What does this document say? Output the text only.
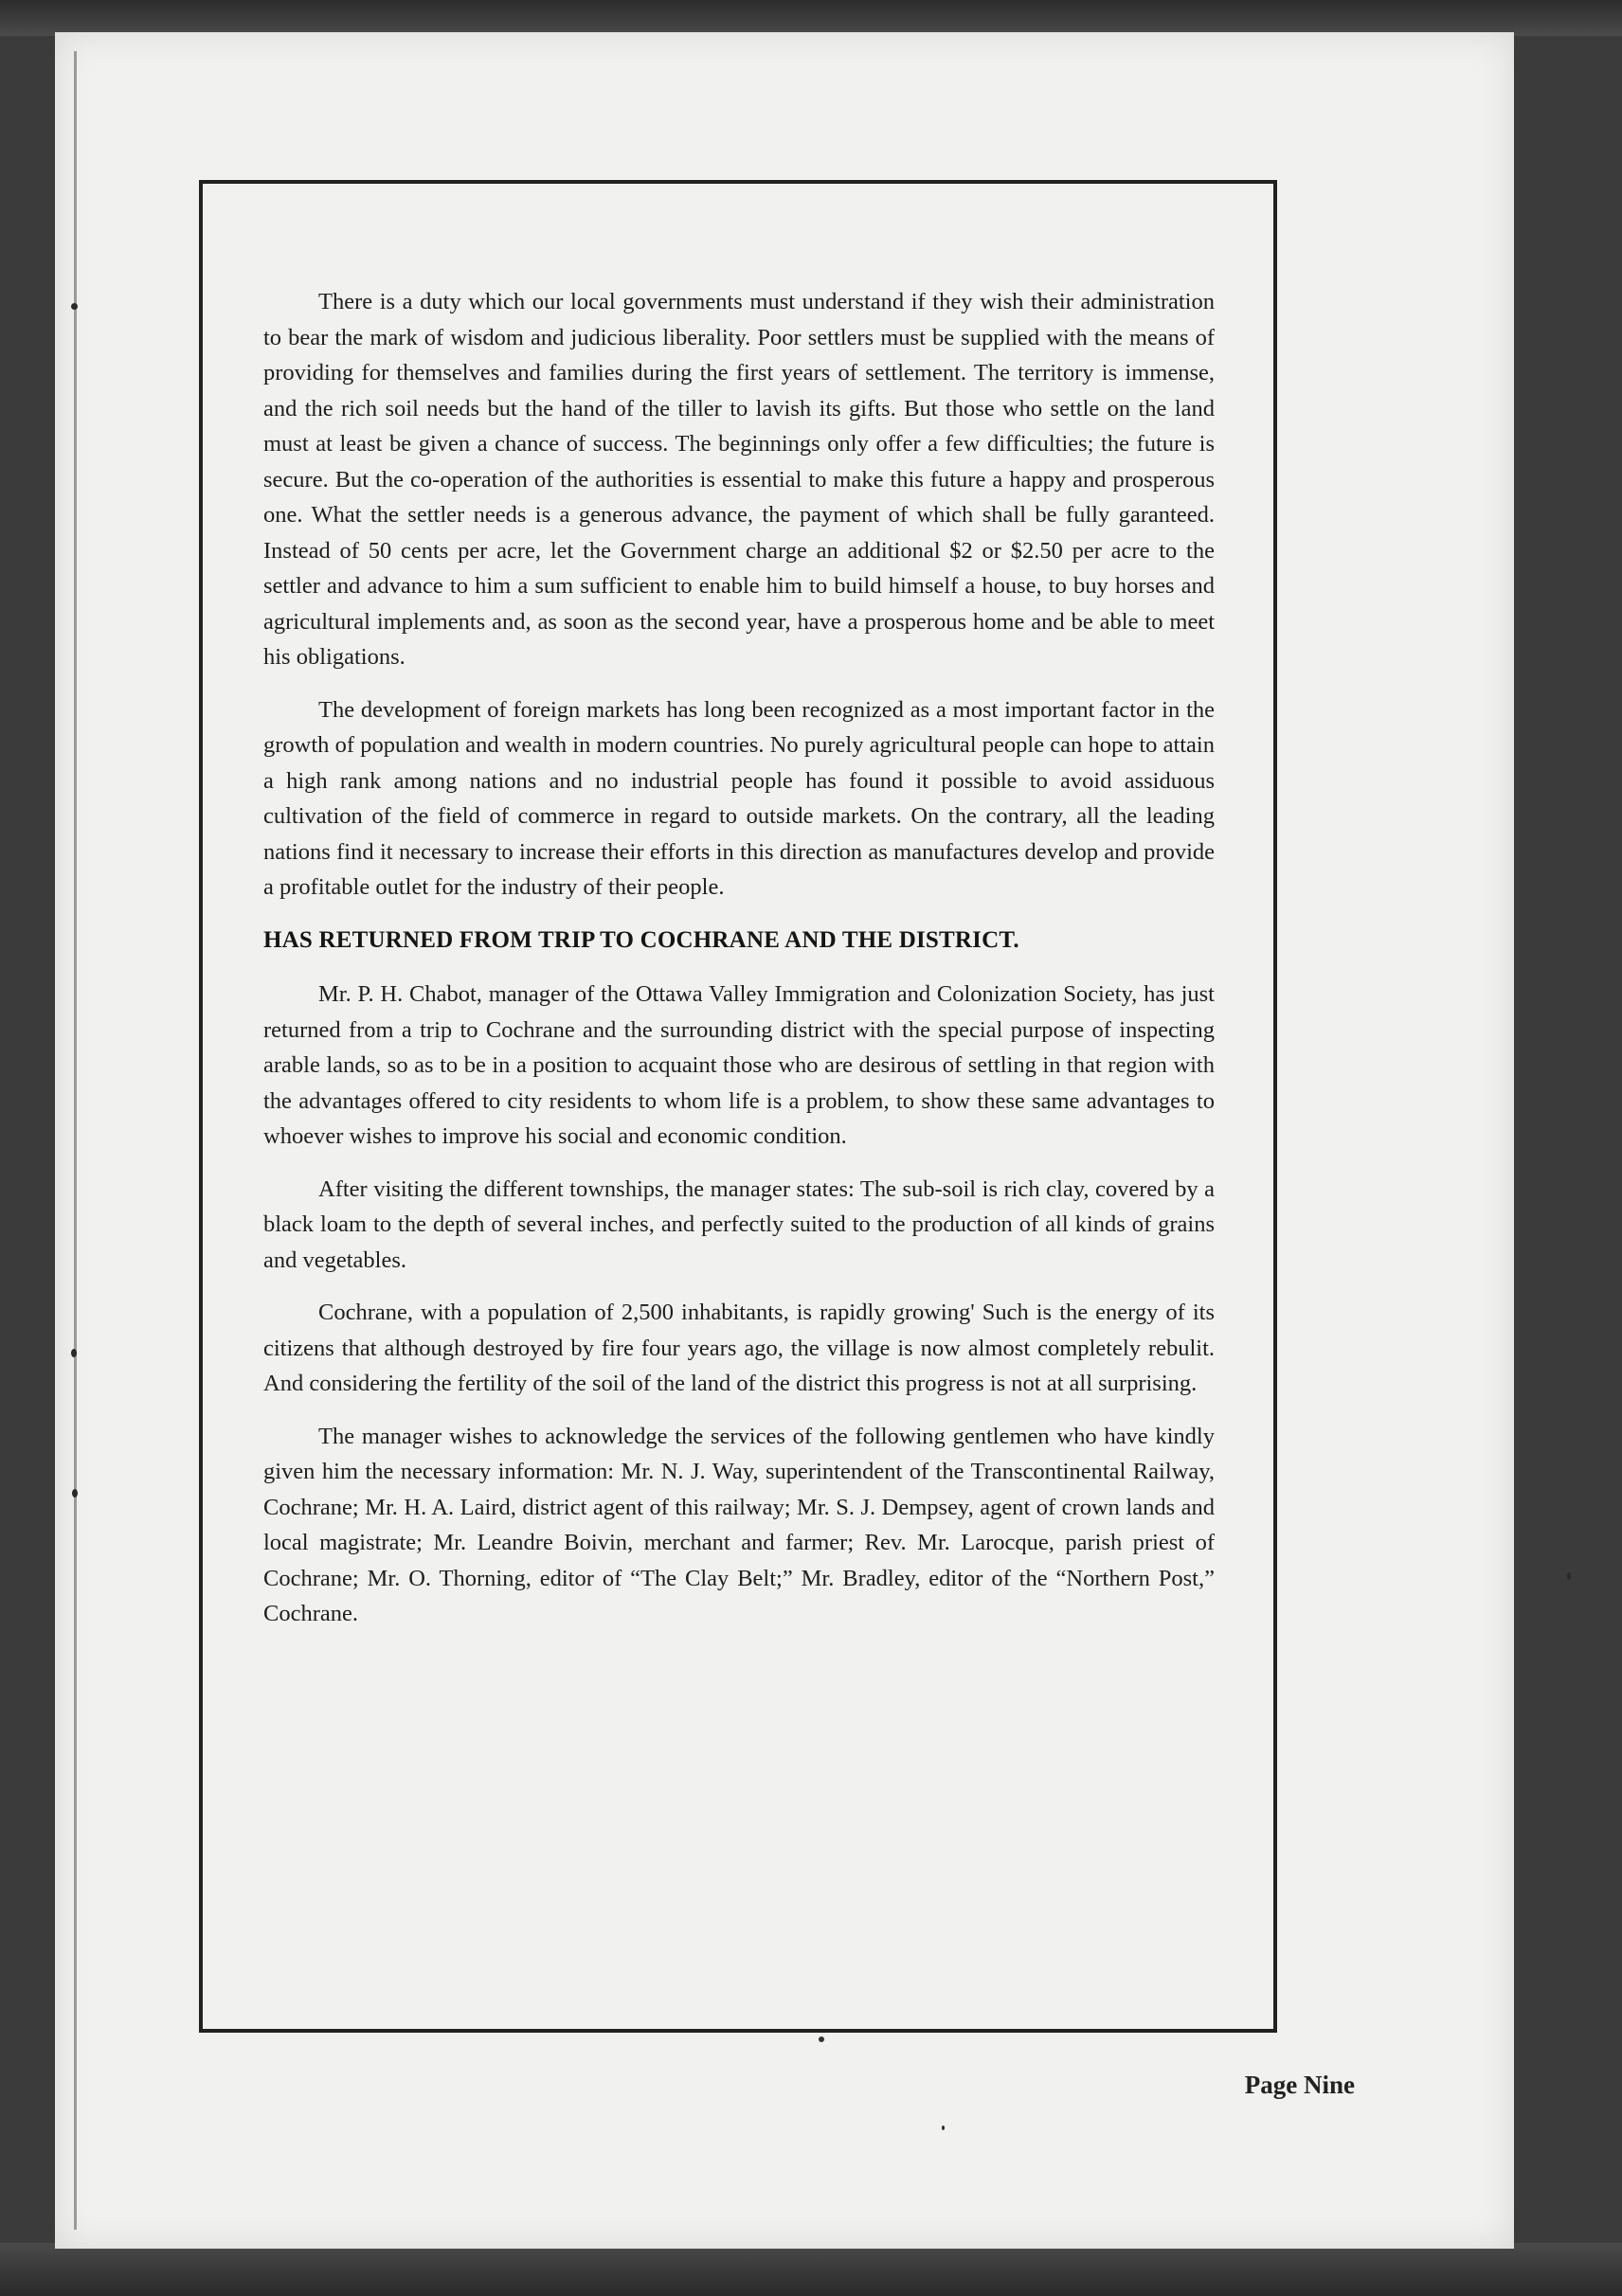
There is a duty which our local governments must understand if they wish their administration to bear the mark of wisdom and judicious liberality. Poor settlers must be supplied with the means of providing for themselves and families during the first years of settlement. The territory is immense, and the rich soil needs but the hand of the tiller to lavish its gifts. But those who settle on the land must at least be given a chance of success. The beginnings only offer a few difficulties; the future is secure. But the co-operation of the authorities is essential to make this future a happy and prosperous one. What the settler needs is a generous advance, the payment of which shall be fully garanteed. Instead of 50 cents per acre, let the Government charge an additional $2 or $2.50 per acre to the settler and advance to him a sum sufficient to enable him to build himself a house, to buy horses and agricultural implements and, as soon as the second year, have a prosperous home and be able to meet his obligations.

The development of foreign markets has long been recognized as a most important factor in the growth of population and wealth in modern countries. No purely agricultural people can hope to attain a high rank among nations and no industrial people has found it possible to avoid assiduous cultivation of the field of commerce in regard to outside markets. On the contrary, all the leading nations find it necessary to increase their efforts in this direction as manufactures develop and provide a profitable outlet for the industry of their people.

HAS RETURNED FROM TRIP TO COCHRANE AND THE DISTRICT.

Mr. P. H. Chabot, manager of the Ottawa Valley Immigration and Colonization Society, has just returned from a trip to Cochrane and the surrounding district with the special purpose of inspecting arable lands, so as to be in a position to acquaint those who are desirous of settling in that region with the advantages offered to city residents to whom life is a problem, to show these same advantages to whoever wishes to improve his social and economic condition.

After visiting the different townships, the manager states: The sub-soil is rich clay, covered by a black loam to the depth of several inches, and perfectly suited to the production of all kinds of grains and vegetables.

Cochrane, with a population of 2,500 inhabitants, is rapidly growing' Such is the energy of its citizens that although destroyed by fire four years ago, the village is now almost completely rebulit. And considering the fertility of the soil of the land of the district this progress is not at all surprising.

The manager wishes to acknowledge the services of the following gentlemen who have kindly given him the necessary information: Mr. N. J. Way, superintendent of the Transcontinental Railway, Cochrane; Mr. H. A. Laird, district agent of this railway; Mr. S. J. Dempsey, agent of crown lands and local magistrate; Mr. Leandre Boivin, merchant and farmer; Rev. Mr. Larocque, parish priest of Cochrane; Mr. O. Thorning, editor of “The Clay Belt;” Mr. Bradley, editor of the “Northern Post,” Cochrane.

Page Nine
